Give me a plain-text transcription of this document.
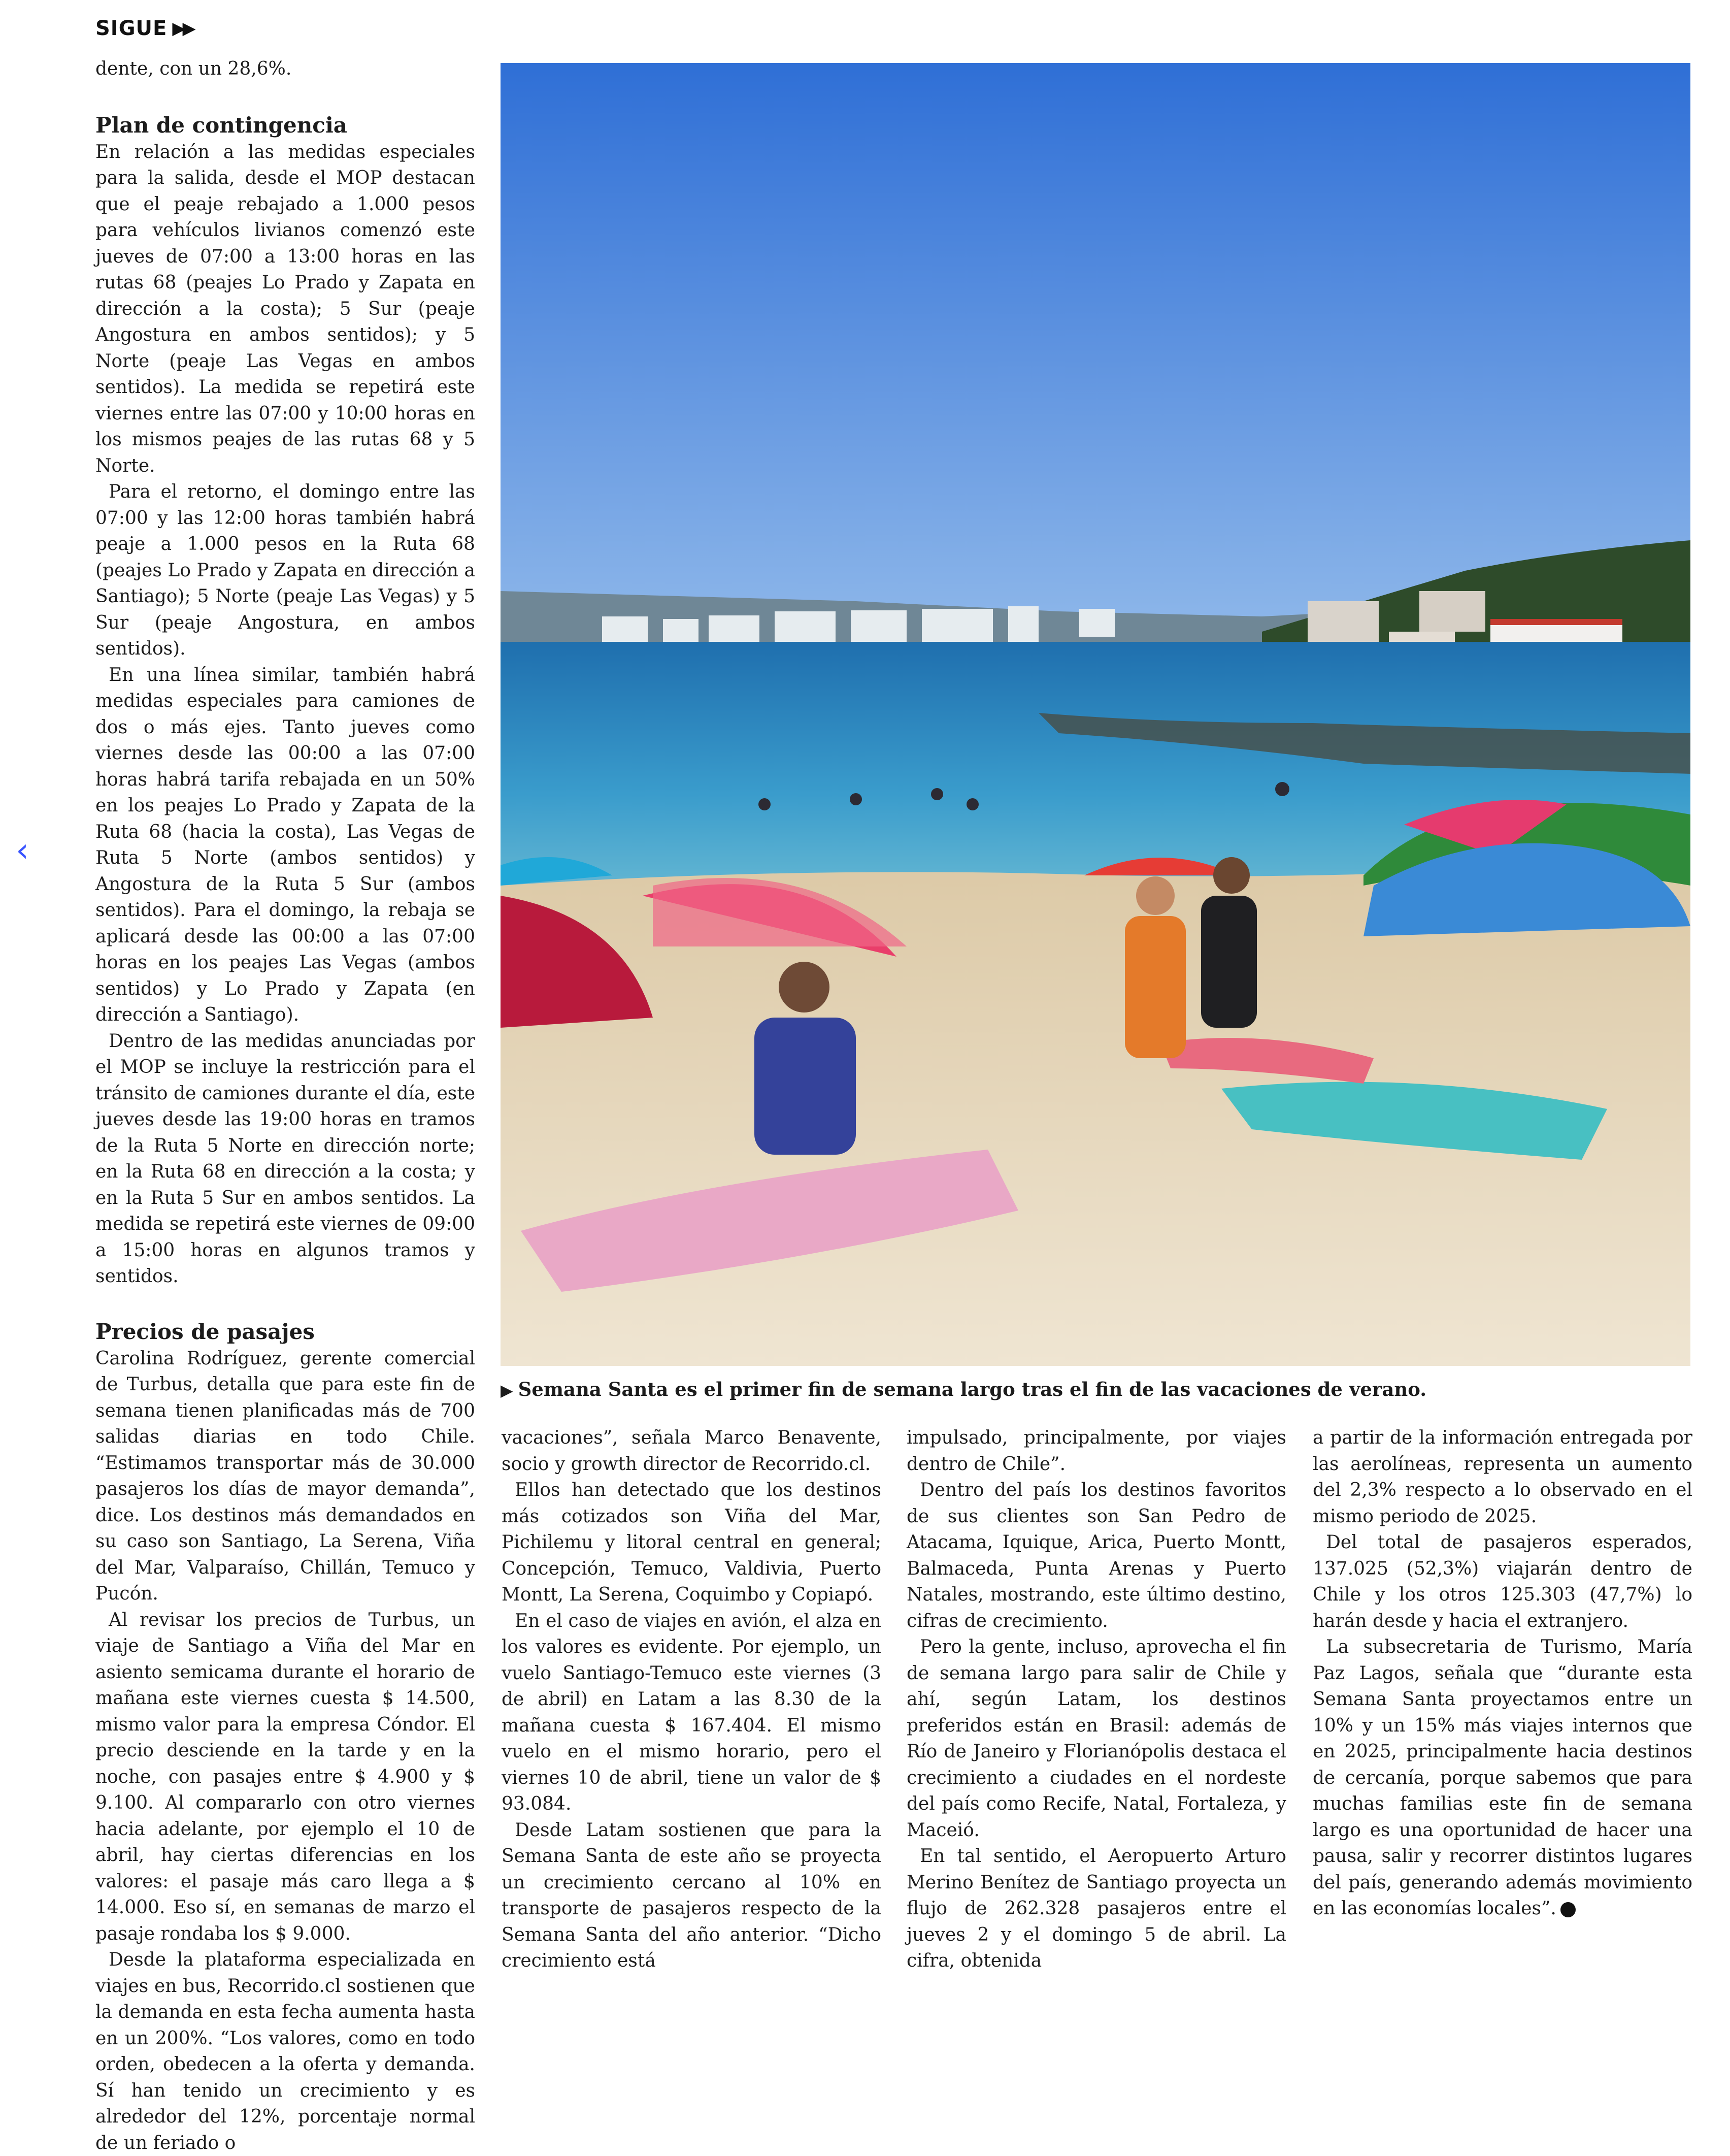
SIGUE ▶▶
‹

dente, con un 28,6%.

Plan de contingencia

En relación a las medidas especiales para la salida, desde el MOP destacan que el peaje rebajado a 1.000 pesos para vehículos livianos comenzó este jueves de 07:00 a 13:00 horas en las rutas 68 (peajes Lo Prado y Zapata en dirección a la costa); 5 Sur (peaje Angostura en ambos sentidos); y 5 Norte (peaje Las Vegas en ambos sentidos). La medida se repetirá este viernes entre las 07:00 y 10:00 horas en los mismos peajes de las rutas 68 y 5 Norte.

Para el retorno, el domingo entre las 07:00 y las 12:00 horas también habrá peaje a 1.000 pesos en la Ruta 68 (peajes Lo Prado y Zapata en dirección a Santiago); 5 Norte (peaje Las Vegas) y 5 Sur (peaje Angostura, en ambos sentidos).

En una línea similar, también habrá medidas especiales para camiones de dos o más ejes. Tanto jueves como viernes desde las 00:00 a las 07:00 horas habrá tarifa rebajada en un 50% en los peajes Lo Prado y Zapata de la Ruta 68 (hacia la costa), Las Vegas de Ruta 5 Norte (ambos sentidos) y Angostura de la Ruta 5 Sur (ambos sentidos). Para el domingo, la rebaja se aplicará desde las 00:00 a las 07:00 horas en los peajes Las Vegas (ambos sentidos) y Lo Prado y Zapata (en dirección a Santiago).

Dentro de las medidas anunciadas por el MOP se incluye la restricción para el tránsito de camiones durante el día, este jueves desde las 19:00 horas en tramos de la Ruta 5 Norte en dirección norte; en la Ruta 68 en dirección a la costa; y en la Ruta 5 Sur en ambos sentidos. La medida se repetirá este viernes de 09:00 a 15:00 horas en algunos tramos y sentidos.

Precios de pasajes

Carolina Rodríguez, gerente comercial de Turbus, detalla que para este fin de semana tienen planificadas más de 700 salidas diarias en todo Chile. “Estimamos transportar más de 30.000 pasajeros los días de mayor demanda”, dice. Los destinos más demandados en su caso son Santiago, La Serena, Viña del Mar, Valparaíso, Chillán, Temuco y Pucón.

Al revisar los precios de Turbus, un viaje de Santiago a Viña del Mar en asiento semicama durante el horario de mañana este viernes cuesta $ 14.500, mismo valor para la empresa Cóndor. El precio desciende en la tarde y en la noche, con pasajes entre $ 4.900 y $ 9.100. Al compararlo con otro viernes hacia adelante, por ejemplo el 10 de abril, hay ciertas diferencias en los valores: el pasaje más caro llega a $ 14.000. Eso sí, en semanas de marzo el pasaje rondaba los $ 9.000.

Desde la plataforma especializada en viajes en bus, Recorrido.cl sostienen que la demanda en esta fecha aumenta hasta en un 200%. “Los valores, como en todo orden, obedecen a la oferta y demanda. Sí han tenido un crecimiento y es alrededor del 12%, porcentaje normal de un feriado o

▶ Semana Santa es el primer fin de semana largo tras el fin de las vacaciones de verano.

vacaciones”, señala Marco Benavente, socio y growth director de Recorrido.cl.

Ellos han detectado que los destinos más cotizados son Viña del Mar, Pichilemu y litoral central en general; Concepción, Temuco, Valdivia, Puerto Montt, La Serena, Coquimbo y Copiapó.

En el caso de viajes en avión, el alza en los valores es evidente. Por ejemplo, un vuelo Santiago-Temuco este viernes (3 de abril) en Latam a las 8.30 de la mañana cuesta $ 167.404. El mismo vuelo en el mismo horario, pero el viernes 10 de abril, tiene un valor de $ 93.084.

Desde Latam sostienen que para la Semana Santa de este año se proyecta un crecimiento cercano al 10% en transporte de pasajeros respecto de la Semana Santa del año anterior. “Dicho crecimiento está

impulsado, principalmente, por viajes dentro de Chile”.

Dentro del país los destinos favoritos de sus clientes son San Pedro de Atacama, Iquique, Arica, Puerto Montt, Balmaceda, Punta Arenas y Puerto Natales, mostrando, este último destino, cifras de crecimiento.

Pero la gente, incluso, aprovecha el fin de semana largo para salir de Chile y ahí, según Latam, los destinos preferidos están en Brasil: además de Río de Janeiro y Florianópolis destaca el crecimiento a ciudades en el nordeste del país como Recife, Natal, Fortaleza, y Maceió.

En tal sentido, el Aeropuerto Arturo Merino Benítez de Santiago proyecta un flujo de 262.328 pasajeros entre el jueves 2 y el domingo 5 de abril. La cifra, obtenida

a partir de la información entregada por las aerolíneas, representa un aumento del 2,3% respecto a lo observado en el mismo periodo de 2025.

Del total de pasajeros esperados, 137.025 (52,3%) viajarán dentro de Chile y los otros 125.303 (47,7%) lo harán desde y hacia el extranjero.

La subsecretaria de Turismo, María Paz Lagos, señala que “durante esta Semana Santa proyectamos entre un 10% y un 15% más viajes internos que en 2025, principalmente hacia destinos de cercanía, porque sabemos que para muchas familias este fin de semana largo es una oportunidad de hacer una pausa, salir y recorrer distintos lugares del país, generando además movimiento en las economías locales”.
